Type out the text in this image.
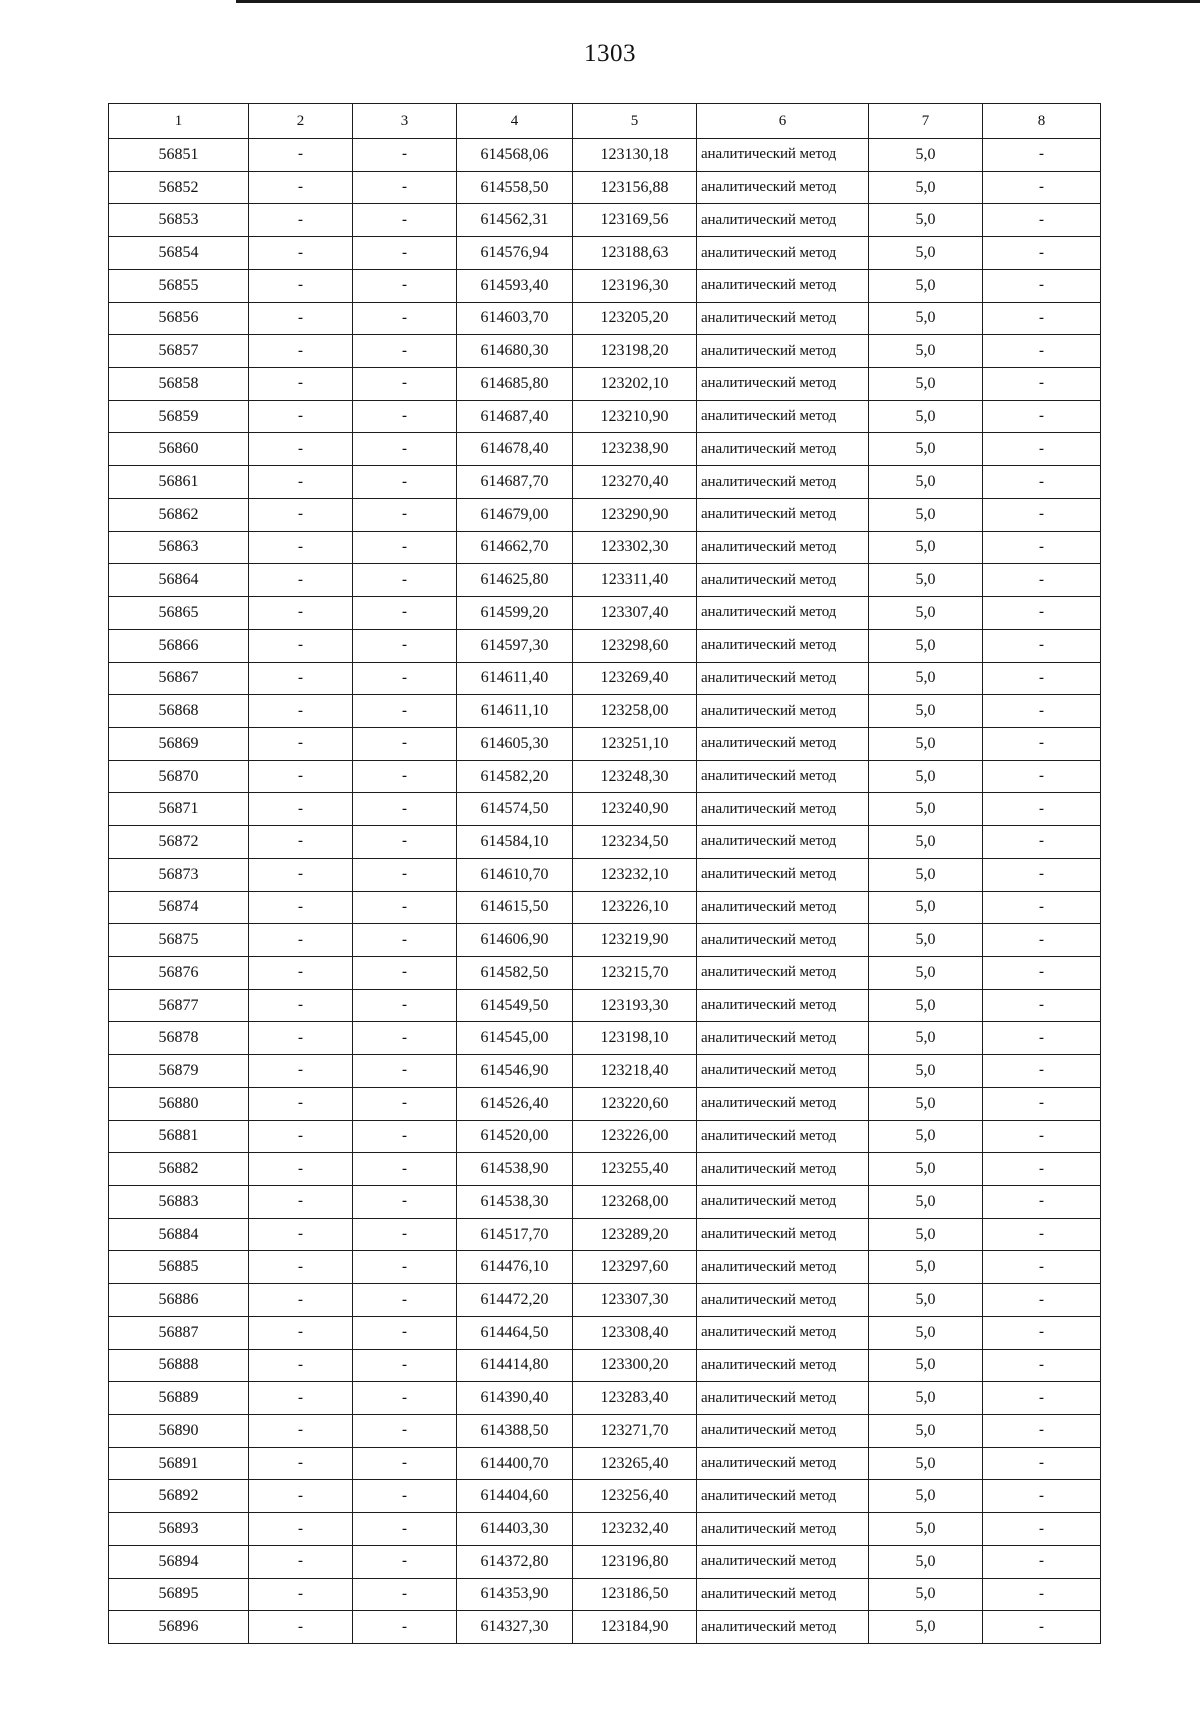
1303
1	2	3	4	5	6	7	8
56851	-	-	614568,06	123130,18	аналитический метод	5,0	-
56852	-	-	614558,50	123156,88	аналитический метод	5,0	-
56853	-	-	614562,31	123169,56	аналитический метод	5,0	-
56854	-	-	614576,94	123188,63	аналитический метод	5,0	-
56855	-	-	614593,40	123196,30	аналитический метод	5,0	-
56856	-	-	614603,70	123205,20	аналитический метод	5,0	-
56857	-	-	614680,30	123198,20	аналитический метод	5,0	-
56858	-	-	614685,80	123202,10	аналитический метод	5,0	-
56859	-	-	614687,40	123210,90	аналитический метод	5,0	-
56860	-	-	614678,40	123238,90	аналитический метод	5,0	-
56861	-	-	614687,70	123270,40	аналитический метод	5,0	-
56862	-	-	614679,00	123290,90	аналитический метод	5,0	-
56863	-	-	614662,70	123302,30	аналитический метод	5,0	-
56864	-	-	614625,80	123311,40	аналитический метод	5,0	-
56865	-	-	614599,20	123307,40	аналитический метод	5,0	-
56866	-	-	614597,30	123298,60	аналитический метод	5,0	-
56867	-	-	614611,40	123269,40	аналитический метод	5,0	-
56868	-	-	614611,10	123258,00	аналитический метод	5,0	-
56869	-	-	614605,30	123251,10	аналитический метод	5,0	-
56870	-	-	614582,20	123248,30	аналитический метод	5,0	-
56871	-	-	614574,50	123240,90	аналитический метод	5,0	-
56872	-	-	614584,10	123234,50	аналитический метод	5,0	-
56873	-	-	614610,70	123232,10	аналитический метод	5,0	-
56874	-	-	614615,50	123226,10	аналитический метод	5,0	-
56875	-	-	614606,90	123219,90	аналитический метод	5,0	-
56876	-	-	614582,50	123215,70	аналитический метод	5,0	-
56877	-	-	614549,50	123193,30	аналитический метод	5,0	-
56878	-	-	614545,00	123198,10	аналитический метод	5,0	-
56879	-	-	614546,90	123218,40	аналитический метод	5,0	-
56880	-	-	614526,40	123220,60	аналитический метод	5,0	-
56881	-	-	614520,00	123226,00	аналитический метод	5,0	-
56882	-	-	614538,90	123255,40	аналитический метод	5,0	-
56883	-	-	614538,30	123268,00	аналитический метод	5,0	-
56884	-	-	614517,70	123289,20	аналитический метод	5,0	-
56885	-	-	614476,10	123297,60	аналитический метод	5,0	-
56886	-	-	614472,20	123307,30	аналитический метод	5,0	-
56887	-	-	614464,50	123308,40	аналитический метод	5,0	-
56888	-	-	614414,80	123300,20	аналитический метод	5,0	-
56889	-	-	614390,40	123283,40	аналитический метод	5,0	-
56890	-	-	614388,50	123271,70	аналитический метод	5,0	-
56891	-	-	614400,70	123265,40	аналитический метод	5,0	-
56892	-	-	614404,60	123256,40	аналитический метод	5,0	-
56893	-	-	614403,30	123232,40	аналитический метод	5,0	-
56894	-	-	614372,80	123196,80	аналитический метод	5,0	-
56895	-	-	614353,90	123186,50	аналитический метод	5,0	-
56896	-	-	614327,30	123184,90	аналитический метод	5,0	-
